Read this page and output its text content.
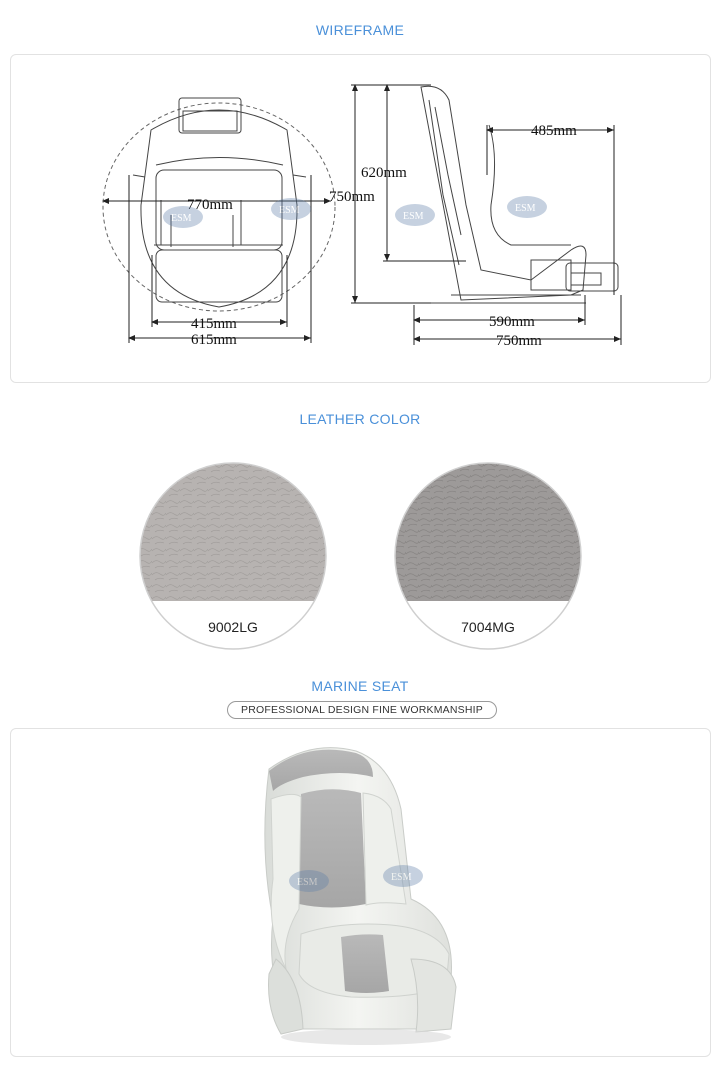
WIREFRAME
770mm
415mm
615mm
750mm
620mm
485mm
590mm
750mm
ESM
ESM
ESM
ESM
LEATHER COLOR
9002LG	7004MG
MARINE SEAT
ESM	ESM
PROFESSIONAL DESIGN FINE WORKMANSHIP
